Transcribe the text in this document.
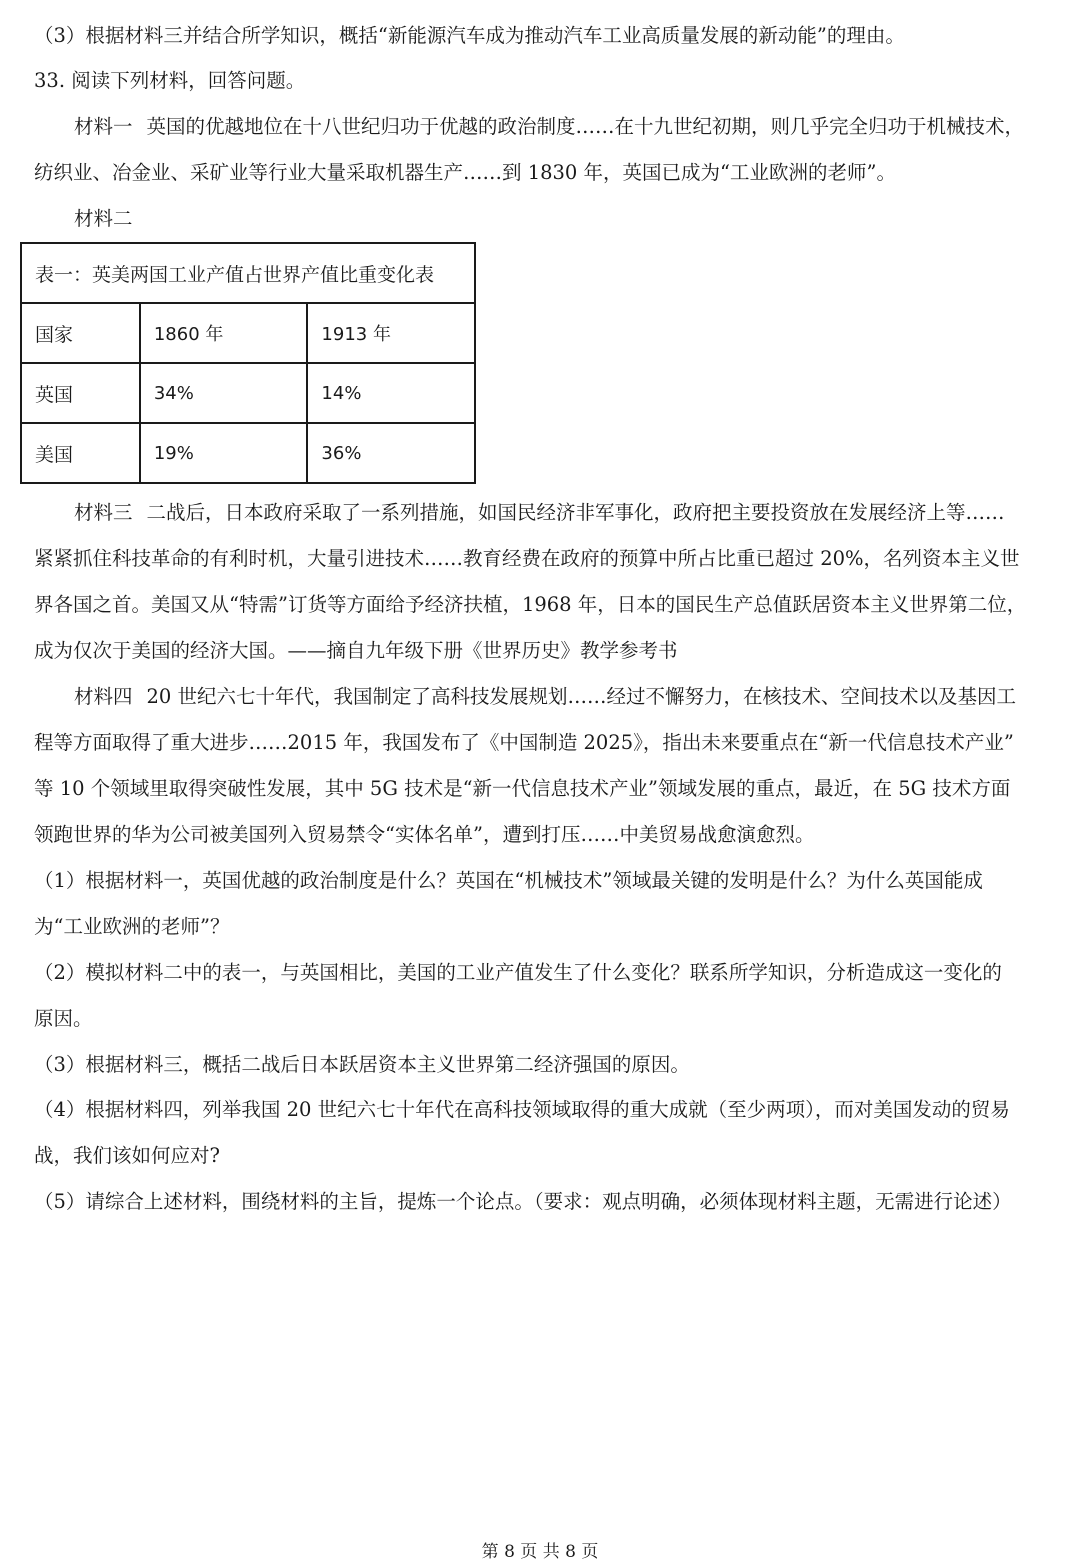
（3）根据材料三并结合所学知识，概括“新能源汽车成为推动汽车工业高质量发展的新动能”的理由。
33. 阅读下列材料，回答问题。
材料一 英国的优越地位在十八世纪归功于优越的政治制度……在十九世纪初期，则几乎完全归功于机械技术，
纺织业、冶金业、采矿业等行业大量采取机器生产……到 1830 年，英国已成为“工业欧洲的老师”。
材料二
表一：英美两国工业产值占世界产值比重变化表		
国家	1860 年	1913 年
英国	34%	14%
美国	19%	36%
材料三 二战后，日本政府采取了一系列措施，如国民经济非军事化，政府把主要投资放在发展经济上等……
紧紧抓住科技革命的有利时机，大量引进技术……教育经费在政府的预算中所占比重已超过 20%，名列资本主义世
界各国之首。美国又从“特需”订货等方面给予经济扶植，1968 年，日本的国民生产总值跃居资本主义世界第二位，
成为仅次于美国的经济大国。——摘自九年级下册《世界历史》教学参考书
材料四 20 世纪六七十年代，我国制定了高科技发展规划……经过不懈努力，在核技术、空间技术以及基因工
程等方面取得了重大进步……2015 年，我国发布了《中国制造 2025》，指出未来要重点在“新一代信息技术产业”
等 10 个领域里取得突破性发展，其中 5G 技术是“新一代信息技术产业”领域发展的重点，最近，在 5G 技术方面
领跑世界的华为公司被美国列入贸易禁令“实体名单”，遭到打压……中美贸易战愈演愈烈。
（1）根据材料一，英国优越的政治制度是什么？英国在“机械技术”领域最关键的发明是什么？为什么英国能成
为“工业欧洲的老师”？
（2）模拟材料二中的表一，与英国相比，美国的工业产值发生了什么变化？联系所学知识，分析造成这一变化的
原因。
（3）根据材料三，概括二战后日本跃居资本主义世界第二经济强国的原因。
（4）根据材料四，列举我国 20 世纪六七十年代在高科技领域取得的重大成就（至少两项），而对美国发动的贸易
战，我们该如何应对?
（5）请综合上述材料，围绕材料的主旨，提炼一个论点。（要求：观点明确，必须体现材料主题，无需进行论述）
第 8 页 共 8 页
